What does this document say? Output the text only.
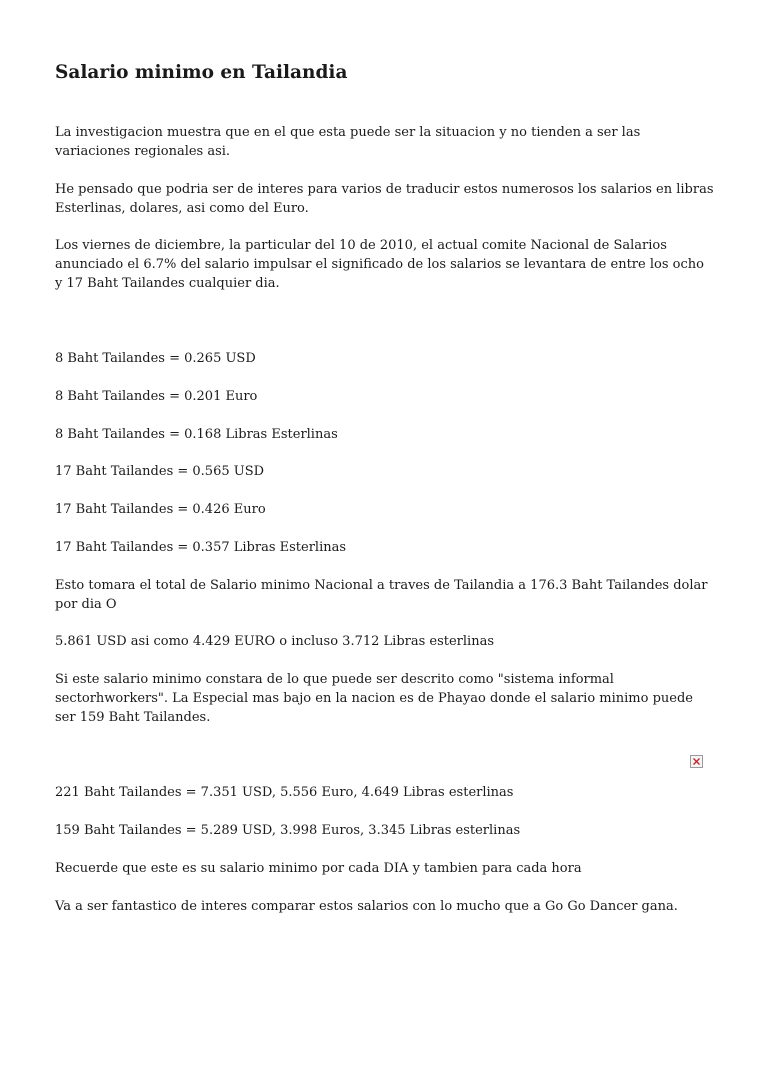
Salario minimo en Tailandia

La investigacion muestra que en el que esta puede ser la situacion y no tienden a ser las variaciones regionales asi.

He pensado que podria ser de interes para varios de traducir estos numerosos los salarios en libras Esterlinas, dolares, asi como del Euro.

Los viernes de diciembre, la particular del 10 de 2010, el actual comite Nacional de Salarios anunciado el 6.7% del salario impulsar el significado de los salarios se levantara de entre los ocho y 17 Baht Tailandes cualquier dia.

8 Baht Tailandes = 0.265 USD

8 Baht Tailandes = 0.201 Euro

8 Baht Tailandes = 0.168 Libras Esterlinas

17 Baht Tailandes = 0.565 USD

17 Baht Tailandes = 0.426 Euro

17 Baht Tailandes = 0.357 Libras Esterlinas

Esto tomara el total de Salario minimo Nacional a traves de Tailandia a 176.3 Baht Tailandes dolar por dia O

5.861 USD asi como 4.429 EURO o incluso 3.712 Libras esterlinas

Si este salario minimo constara de lo que puede ser descrito como "sistema informal sectorhworkers". La Especial mas bajo en la nacion es de Phayao donde el salario minimo puede ser 159 Baht Tailandes.

221 Baht Tailandes = 7.351 USD, 5.556 Euro, 4.649 Libras esterlinas

159 Baht Tailandes = 5.289 USD, 3.998 Euros, 3.345 Libras esterlinas

Recuerde que este es su salario minimo por cada DIA y tambien para cada hora

Va a ser fantastico de interes comparar estos salarios con lo mucho que a Go Go Dancer gana.
